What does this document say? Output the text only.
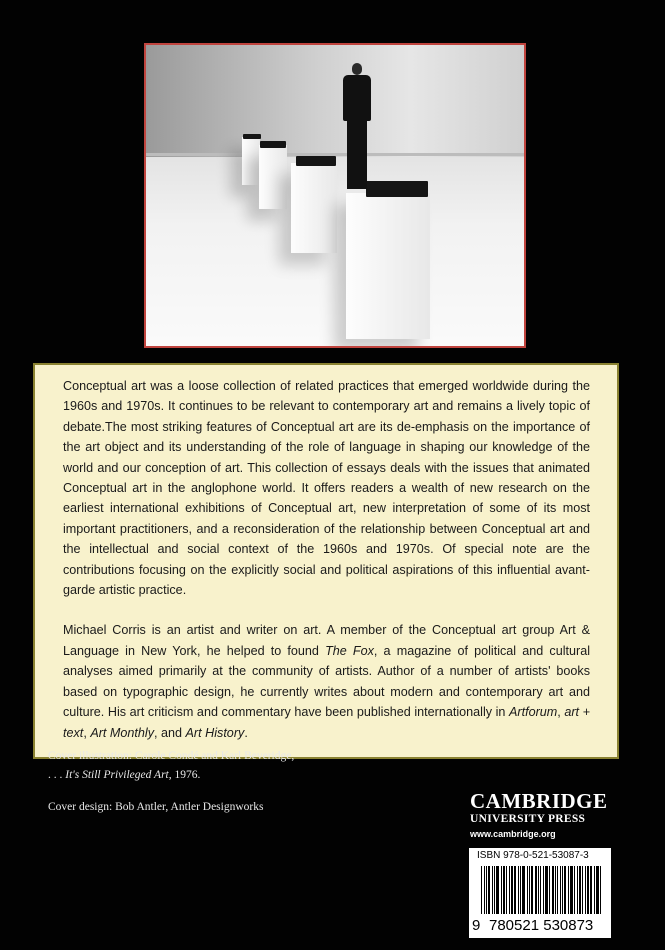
Conceptual art was a loose collection of related practices that emerged worldwide during the 1960s and 1970s. It continues to be relevant to contemporary art and remains a lively topic of debate.The most striking features of Conceptual art are its de-emphasis on the importance of the art object and its understanding of the role of language in shaping our knowledge of the world and our conception of art. This collection of essays deals with the issues that animated Conceptual art in the anglophone world. It offers readers a wealth of new research on the earliest international exhibitions of Conceptual art, new interpretation of some of its most important practitioners, and a reconsideration of the relationship between Conceptual art and the intellectual and social context of the 1960s and 1970s. Of special note are the contributions focusing on the explicitly social and political aspirations of this influential avant-garde artistic practice.

Michael Corris is an artist and writer on art. A member of the Conceptual art group Art & Language in New York, he helped to found The Fox, a magazine of political and cultural analyses aimed primarily at the community of artists. Author of a number of artists' books based on typographic design, he currently writes about modern and contemporary art and culture. His art criticism and commentary have been published internationally in Artforum, art + text, Art Monthly, and Art History.

Cover illustration: Carole Condé and Karl Beveridge,
. . . It's Still Privileged Art, 1976.
Cover design: Bob Antler, Antler Designworks	CAMBRIDGE
UNIVERSITY PRESS
www.cambridge.org
ISBN 978-0-521-53087-3
9 780521 530873
